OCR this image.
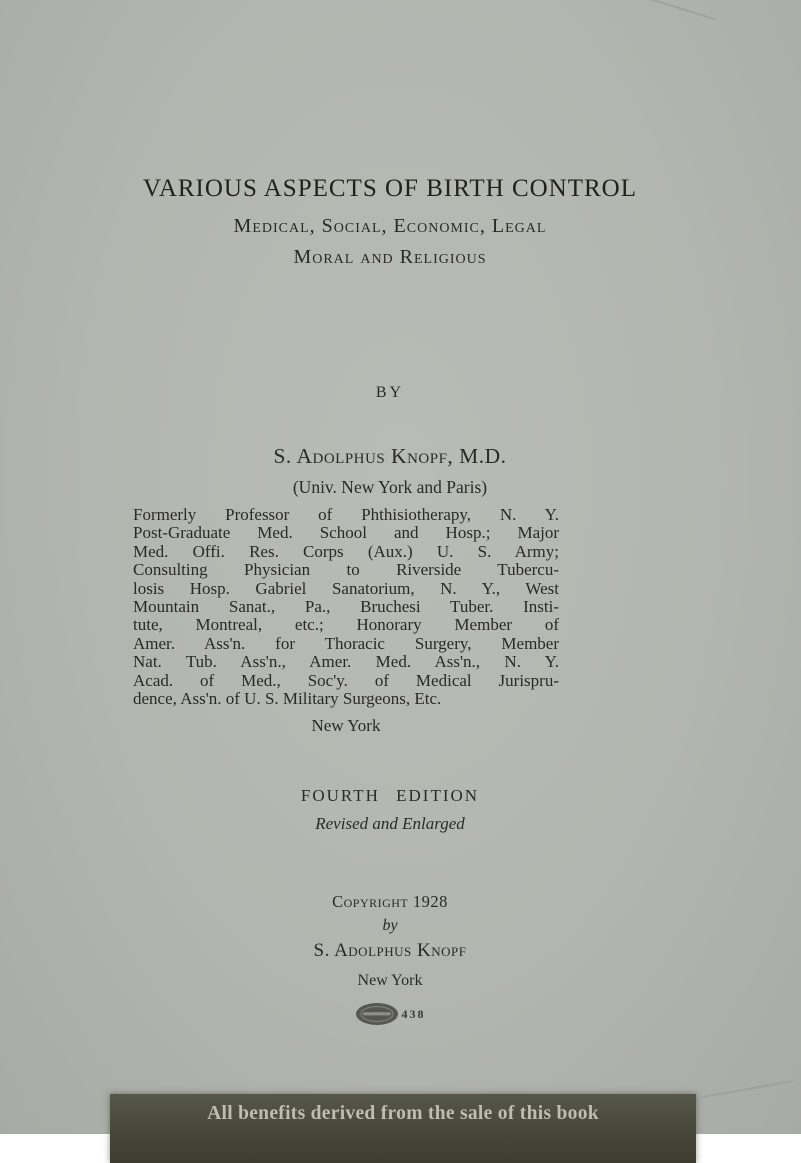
VARIOUS ASPECTS OF BIRTH CONTROL
Medical, Social, Economic, Legal
Moral and Religious
BY
S. Adolphus Knopf, M.D.
(Univ. New York and Paris)
Formerly Professor of Phthisiotherapy, N. Y.
Post-Graduate Med. School and Hosp.; Major
Med. Offi. Res. Corps (Aux.) U. S. Army;
Consulting Physician to Riverside Tubercu-
losis Hosp. Gabriel Sanatorium, N. Y., West
Mountain Sanat., Pa., Bruchesi Tuber. Insti-
tute, Montreal, etc.; Honorary Member of
Amer. Ass'n. for Thoracic Surgery, Member
Nat. Tub. Ass'n., Amer. Med. Ass'n., N. Y.
Acad. of Med., Soc'y. of Medical Jurispru-
dence, Ass'n. of U. S. Military Surgeons, Etc.
New York
FOURTH EDITION
Revised and Enlarged
Copyright 1928
by
S. Adolphus Knopf
New York
438
All benefits derived from the sale of this book
